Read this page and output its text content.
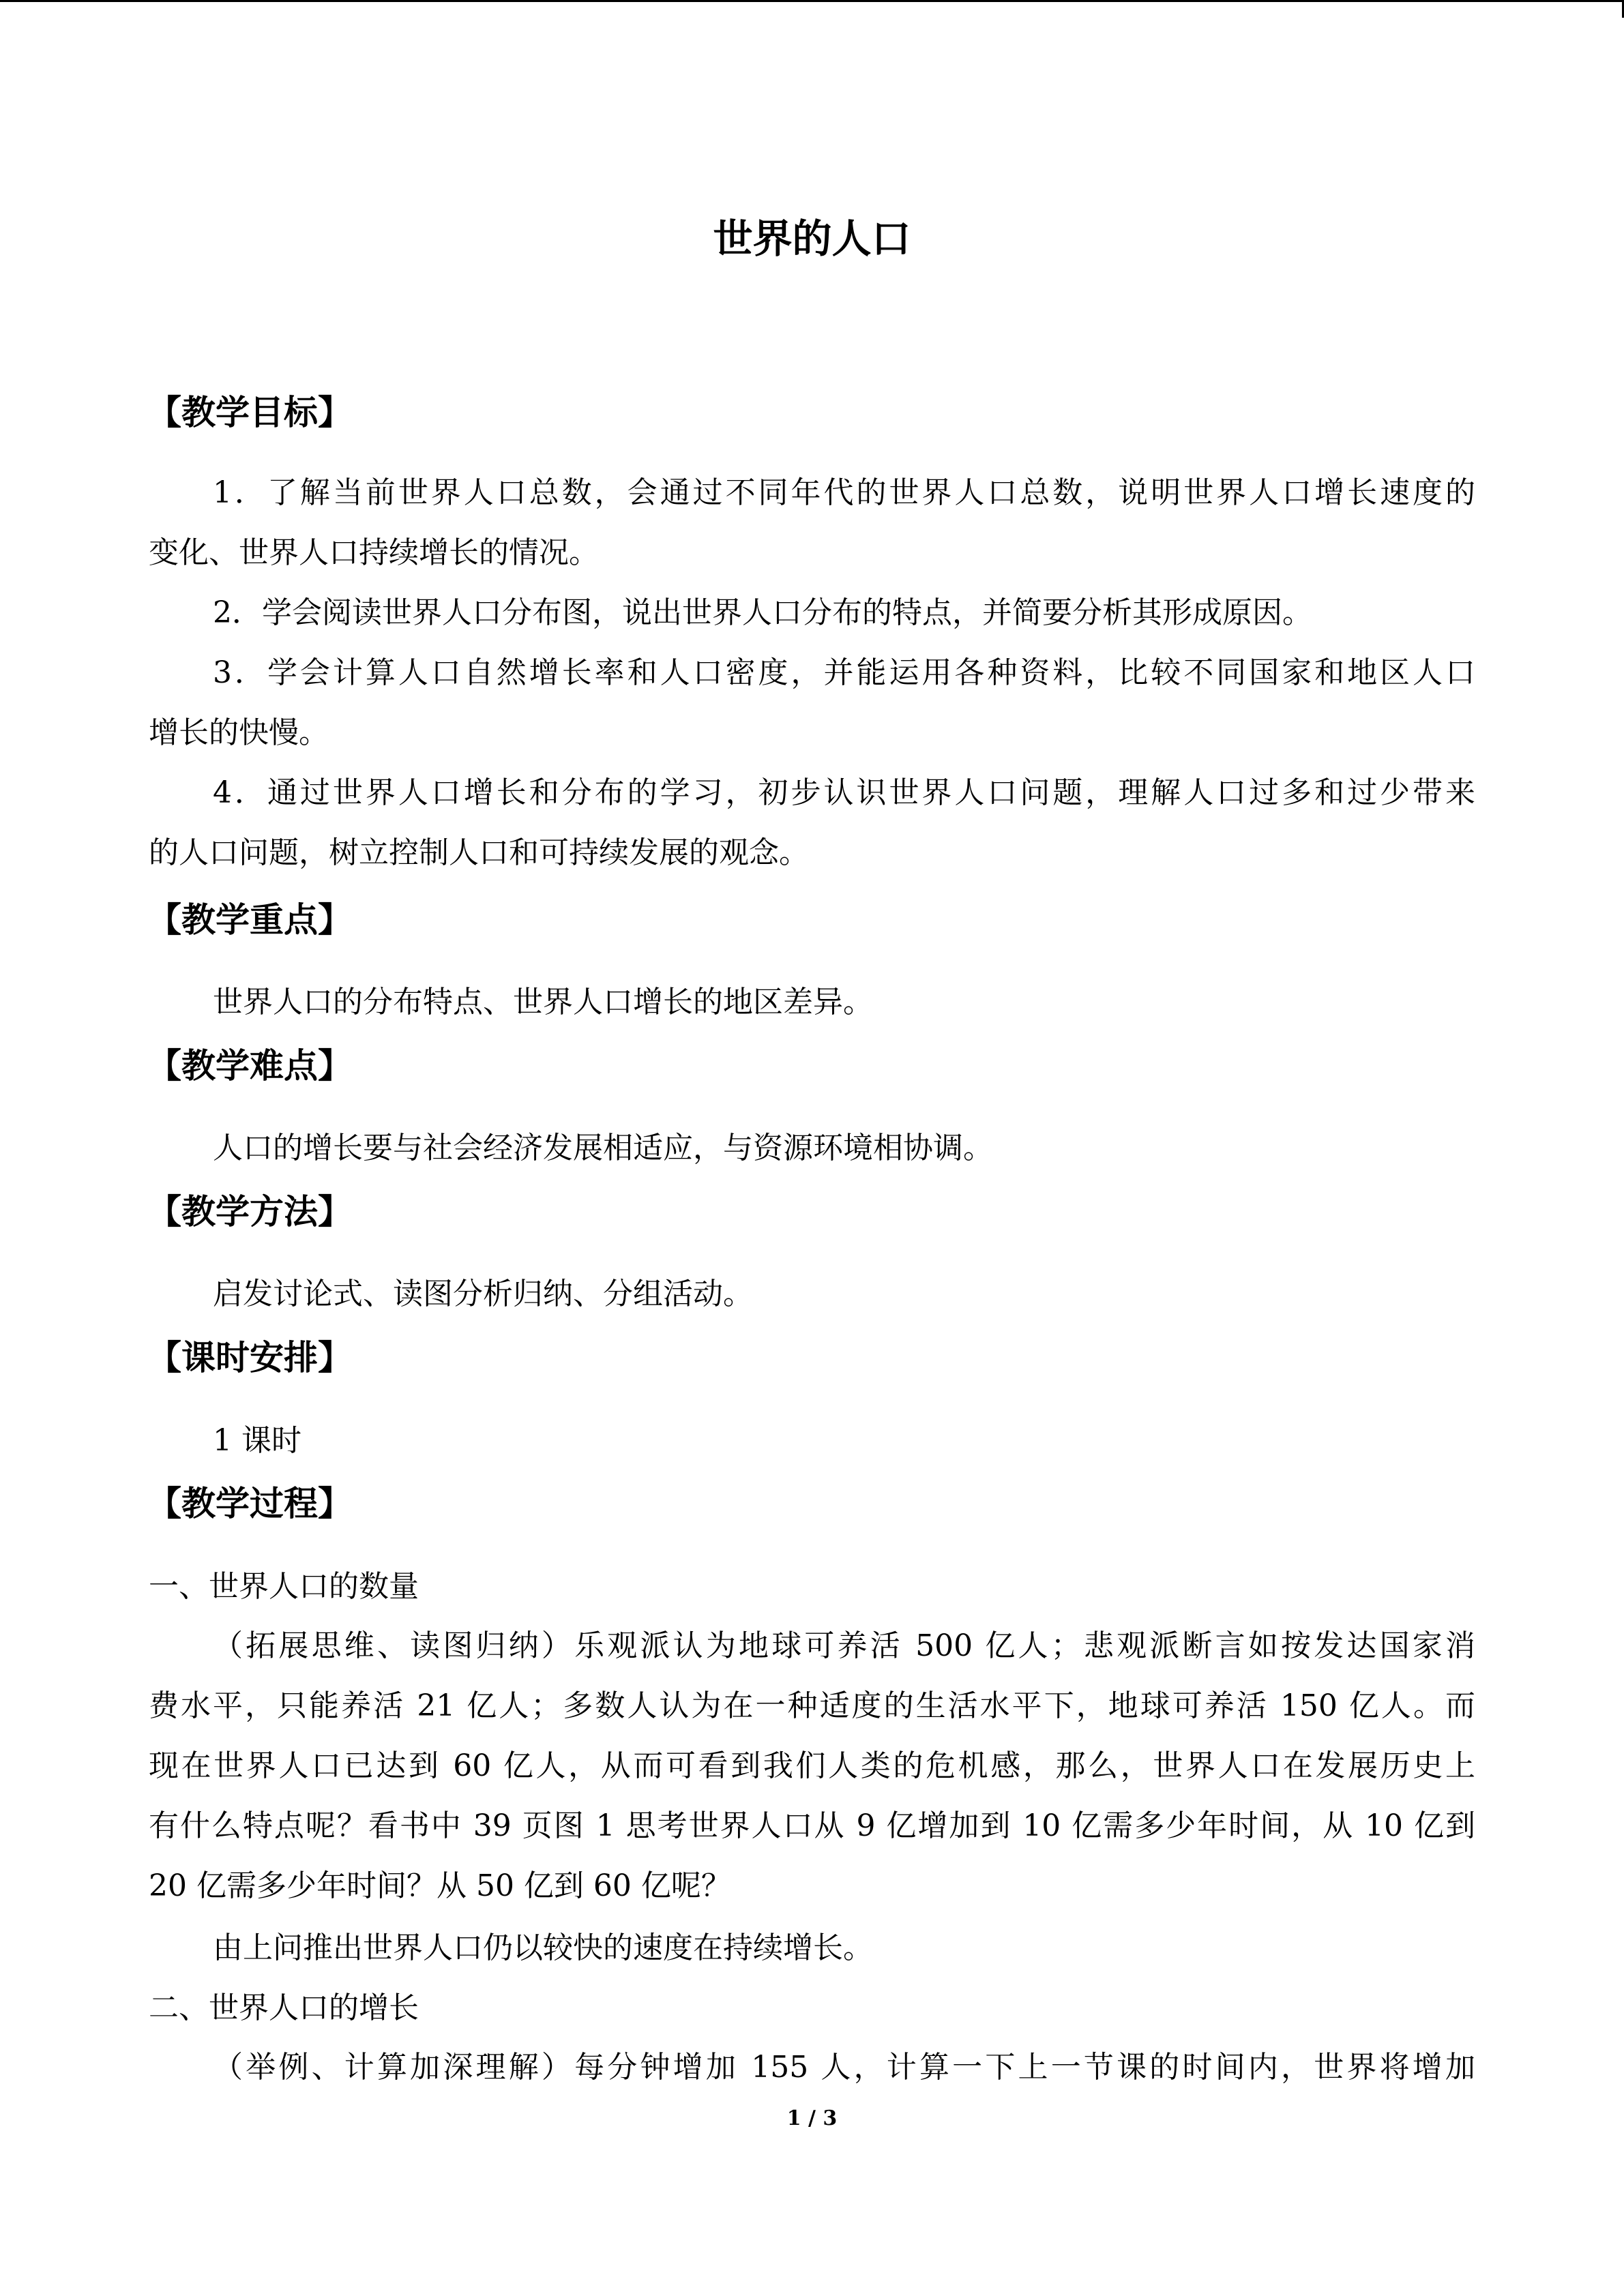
世界的人口
【教学目标】
1．了解当前世界人口总数，会通过不同年代的世界人口总数，说明世界人口增长速度的
变化、世界人口持续增长的情况。
2．学会阅读世界人口分布图，说出世界人口分布的特点，并简要分析其形成原因。
3．学会计算人口自然增长率和人口密度，并能运用各种资料，比较不同国家和地区人口
增长的快慢。
4．通过世界人口增长和分布的学习，初步认识世界人口问题，理解人口过多和过少带来
的人口问题，树立控制人口和可持续发展的观念。
【教学重点】
世界人口的分布特点、世界人口增长的地区差异。
【教学难点】
人口的增长要与社会经济发展相适应，与资源环境相协调。
【教学方法】
启发讨论式、读图分析归纳、分组活动。
【课时安排】
1 课时
【教学过程】
一、世界人口的数量
（拓展思维、读图归纳）乐观派认为地球可养活 500 亿人；悲观派断言如按发达国家消
费水平，只能养活 21 亿人；多数人认为在一种适度的生活水平下，地球可养活 150 亿人。而
现在世界人口已达到 60 亿人，从而可看到我们人类的危机感，那么，世界人口在发展历史上
有什么特点呢？看书中 39 页图 1 思考世界人口从 9 亿增加到 10 亿需多少年时间，从 10 亿到
20 亿需多少年时间？从 50 亿到 60 亿呢？
由上问推出世界人口仍以较快的速度在持续增长。
二、世界人口的增长
（举例、计算加深理解）每分钟增加 155 人，计算一下上一节课的时间内，世界将增加
1 / 3
